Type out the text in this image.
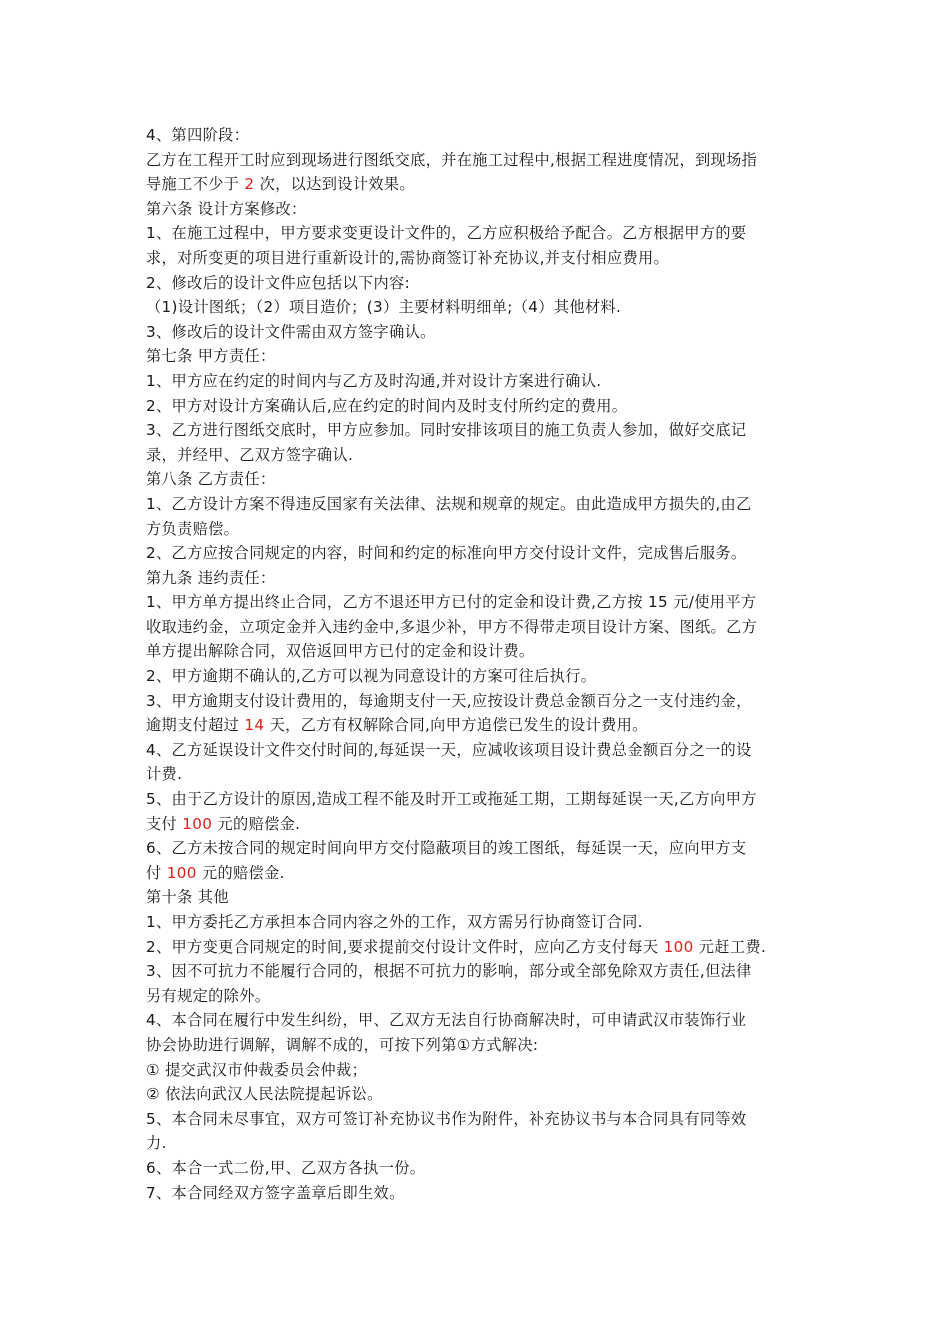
4、第四阶段：
乙方在工程开工时应到现场进行图纸交底，并在施工过程中,根据工程进度情况，到现场指
导施工不少于 2 次，以达到设计效果。
第六条 设计方案修改：
1、在施工过程中，甲方要求变更设计文件的，乙方应积极给予配合。乙方根据甲方的要
求，对所变更的项目进行重新设计的,需协商签订补充协议,并支付相应费用。
2、修改后的设计文件应包括以下内容:
（1)设计图纸；（2）项目造价；(3）主要材料明细单;（4）其他材料.
3、修改后的设计文件需由双方签字确认。
第七条 甲方责任：
1、甲方应在约定的时间内与乙方及时沟通,并对设计方案进行确认.
2、甲方对设计方案确认后,应在约定的时间内及时支付所约定的费用。
3、乙方进行图纸交底时，甲方应参加。同时安排该项目的施工负责人参加，做好交底记
录，并经甲、乙双方签字确认.
第八条 乙方责任：
1、乙方设计方案不得违反国家有关法律、法规和规章的规定。由此造成甲方损失的,由乙
方负责赔偿。
2、乙方应按合同规定的内容，时间和约定的标准向甲方交付设计文件，完成售后服务。
第九条 违约责任：
1、甲方单方提出终止合同，乙方不退还甲方已付的定金和设计费,乙方按 15 元/使用平方
收取违约金，立项定金并入违约金中,多退少补，甲方不得带走项目设计方案、图纸。乙方
单方提出解除合同，双倍返回甲方已付的定金和设计费。
2、甲方逾期不确认的,乙方可以视为同意设计的方案可往后执行。
3、甲方逾期支付设计费用的，每逾期支付一天,应按设计费总金额百分之一支付违约金，
逾期支付超过 14 天，乙方有权解除合同,向甲方追偿已发生的设计费用。
4、乙方延误设计文件交付时间的,每延误一天，应减收该项目设计费总金额百分之一的设
计费.
5、由于乙方设计的原因,造成工程不能及时开工或拖延工期，工期每延误一天,乙方向甲方
支付 100 元的赔偿金.
6、乙方未按合同的规定时间向甲方交付隐蔽项目的竣工图纸，每延误一天，应向甲方支
付 100 元的赔偿金.
第十条 其他
1、甲方委托乙方承担本合同内容之外的工作，双方需另行协商签订合同.
2、甲方变更合同规定的时间,要求提前交付设计文件时，应向乙方支付每天 100 元赶工费.
3、因不可抗力不能履行合同的，根据不可抗力的影响，部分或全部免除双方责任,但法律
另有规定的除外。
4、本合同在履行中发生纠纷，甲、乙双方无法自行协商解决时，可申请武汉市装饰行业
协会协助进行调解，调解不成的，可按下列第①方式解决:
① 提交武汉市仲裁委员会仲裁；
② 依法向武汉人民法院提起诉讼。
5、本合同未尽事宜，双方可签订补充协议书作为附件，补充协议书与本合同具有同等效
力.
6、本合一式二份,甲、乙双方各执一份。
7、本合同经双方签字盖章后即生效。
